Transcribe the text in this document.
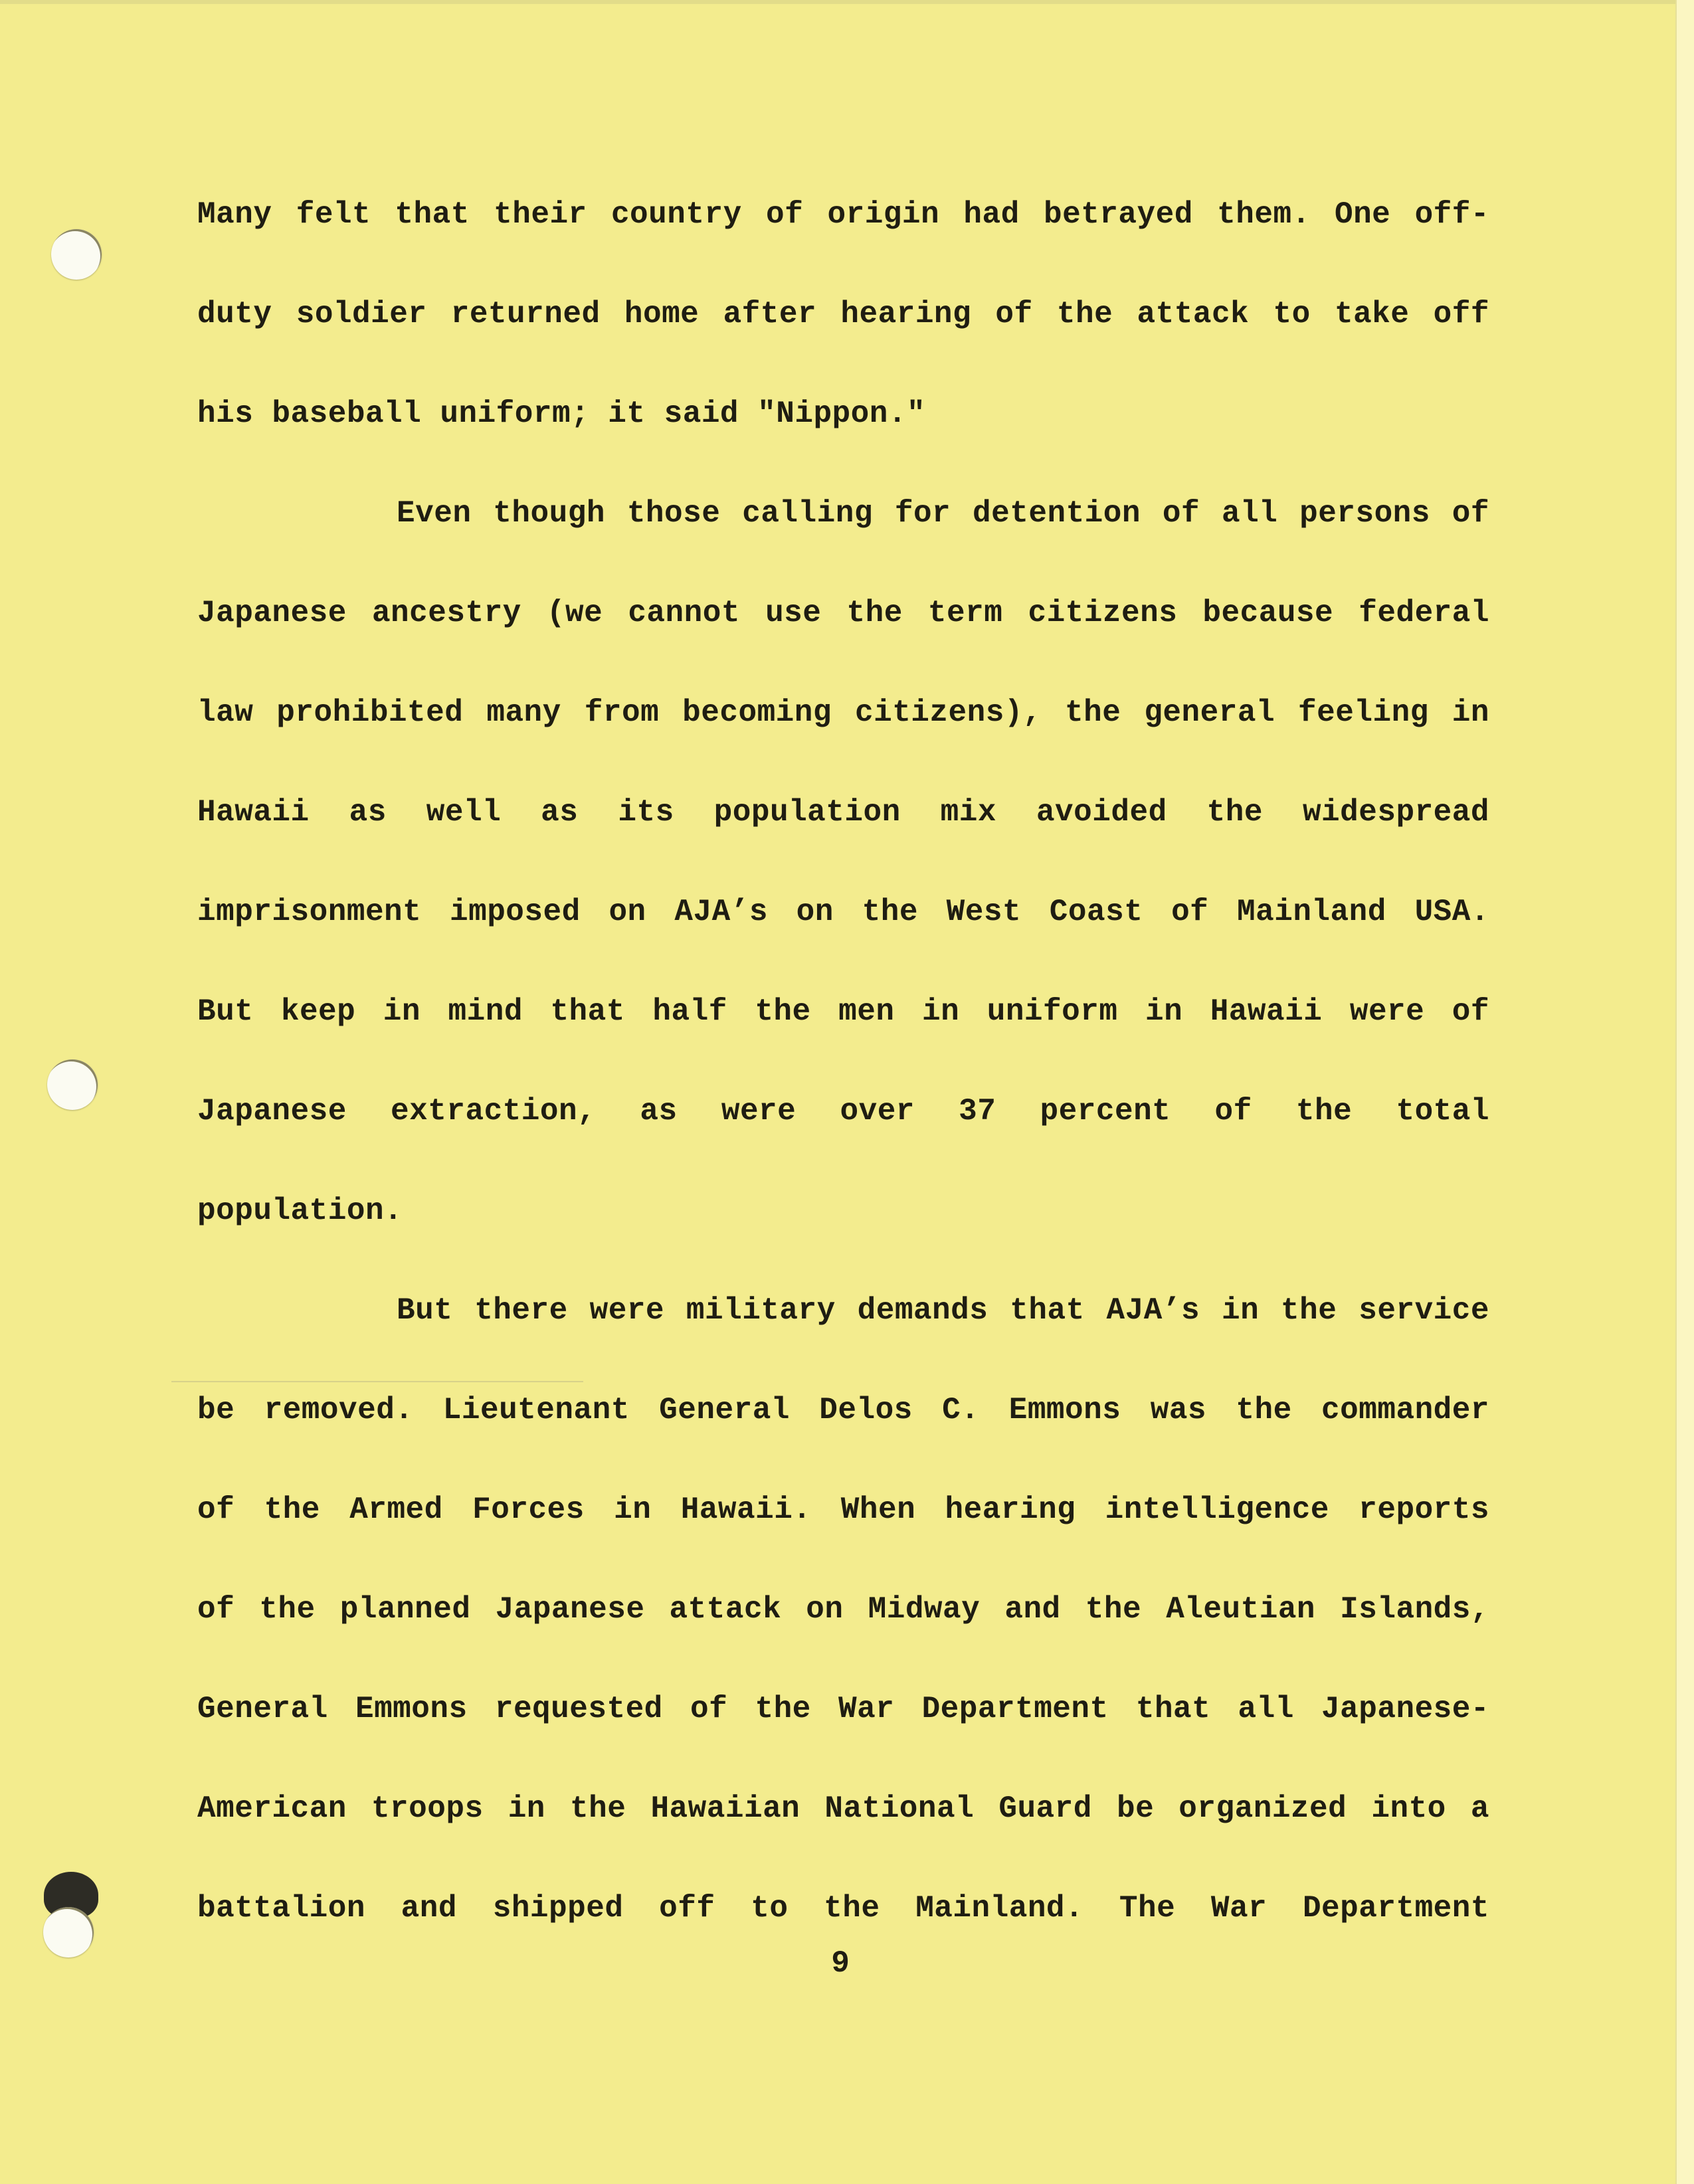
Many felt that their country of origin had betrayed them. One off-
duty soldier returned home after hearing of the attack to take off
his baseball uniform; it said "Nippon."
Even though those calling for detention of all persons of
Japanese ancestry (we cannot use the term citizens because federal
law prohibited many from becoming citizens), the general feeling in
Hawaii as well as its population mix avoided the widespread
imprisonment imposed on AJA’s on the West Coast of Mainland USA.
But keep in mind that half the men in uniform in Hawaii were of
Japanese extraction, as were over 37 percent of the total
population.
But there were military demands that AJA’s in the service
be removed. Lieutenant General Delos C. Emmons was the commander
of the Armed Forces in Hawaii. When hearing intelligence reports
of the planned Japanese attack on Midway and the Aleutian Islands,
General Emmons requested of the War Department that all Japanese-
American troops in the Hawaiian National Guard be organized into a
battalion and shipped off to the Mainland. The War Department
9
